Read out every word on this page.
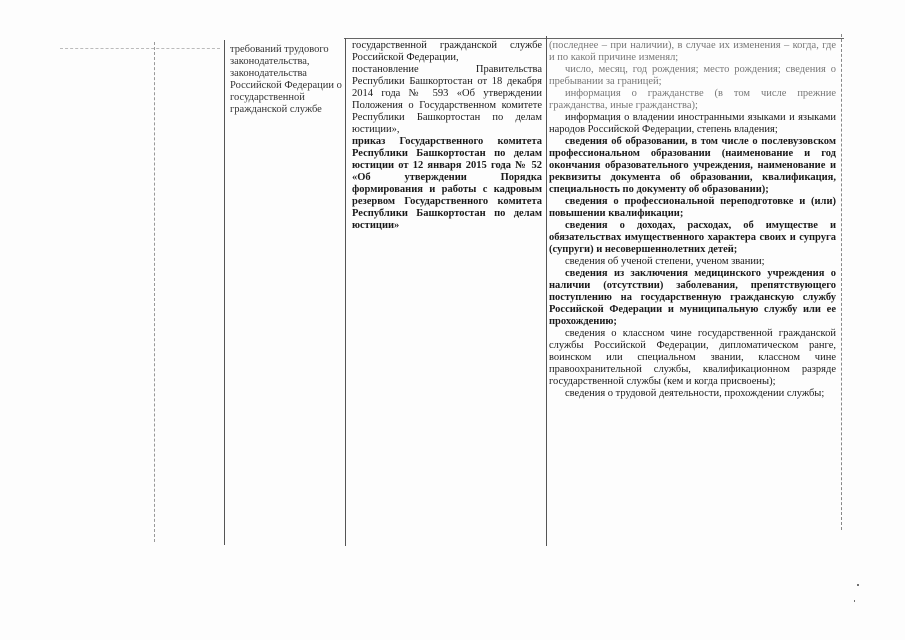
требований трудового законодательства, законодательства Российской Федерации о государственной гражданской службе

государственной гражданской службе Российской Федерации,

постановление Правительства Республики Башкортостан от 18 декабря 2014 года № 593 «Об утверждении Положения о Государственном комитете Республики Башкортостан по делам юстиции»,

приказ Государственного комитета Республики Башкортостан по делам юстиции от 12 января 2015 года № 52 «Об утверждении Порядка формирования и работы с кадровым резервом Государственного комитета Республики Башкортостан по делам юстиции»

(последнее – при наличии), в случае их изменения – когда, где и по какой причине изменял;

число, месяц, год рождения; место рождения; сведения о пребывании за границей;

информация о гражданстве (в том числе прежние гражданства, иные гражданства);

информация о владении иностранными языками и языками народов Российской Федерации, степень владения;

сведения об образовании, в том числе о послевузовском профессиональном образовании (наименование и год окончания образовательного учреждения, наименование и реквизиты документа об образовании, квалификация, специальность по документу об образовании);

сведения о профессиональной переподготовке и (или) повышении квалификации;

сведения о доходах, расходах, об имуществе и обязательствах имущественного характера своих и супруга (супруги) и несовершеннолетних детей;

сведения об ученой степени, ученом звании;

сведения из заключения медицинского учреждения о наличии (отсутствии) заболевания, препятствующего поступлению на государственную гражданскую службу Российской Федерации и муниципальную службу или ее прохождению;

сведения о классном чине государственной гражданской службы Российской Федерации, дипломатическом ранге, воинском или специальном звании, классном чине правоохранительной службы, квалификационном разряде государственной службы (кем и когда присвоены);

сведения о трудовой деятельности, прохождении службы;
